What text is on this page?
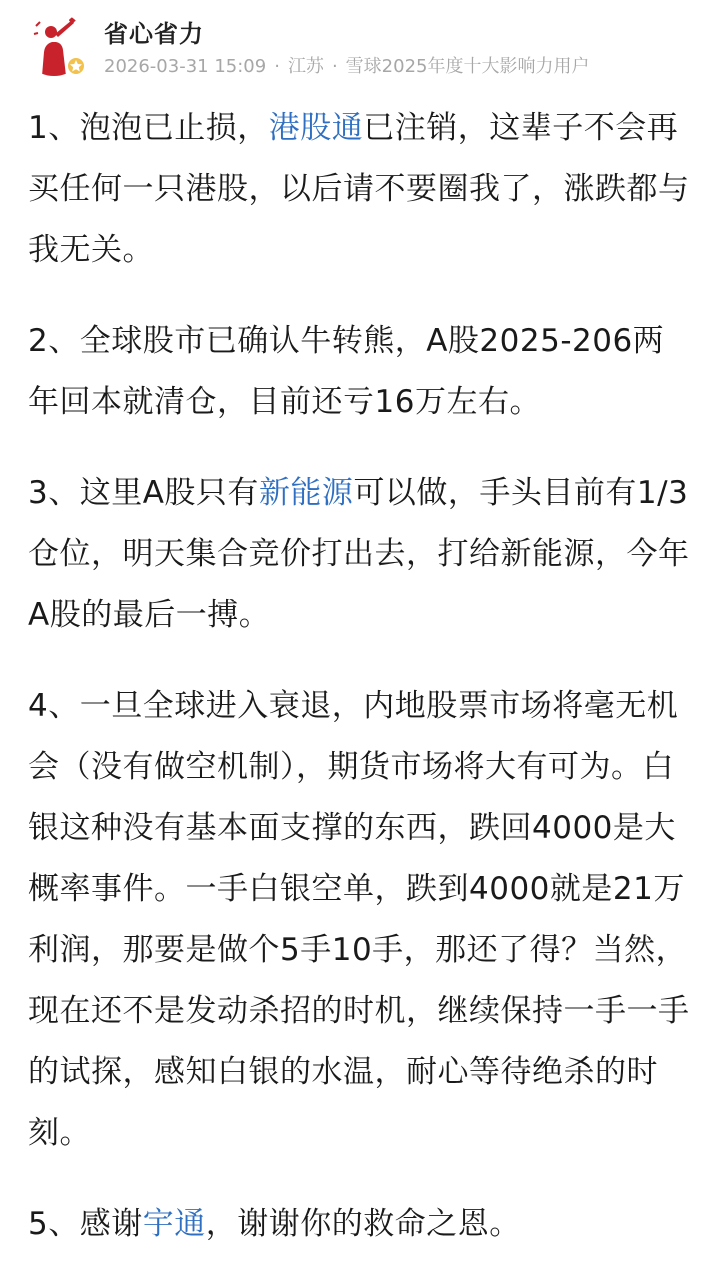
省心省力
2026-03-31 15:09 · 江苏 · 雪球2025年度十大影响力用户

1、泡泡已止损，港股通已注销，这辈子不会再买任何一只港股，以后请不要圈我了，涨跌都与我无关。

2、全球股市已确认牛转熊，A股2025-206两年回本就清仓，目前还亏16万左右。

3、这里A股只有新能源可以做，手头目前有1/3仓位，明天集合竞价打出去，打给新能源，今年A股的最后一搏。

4、一旦全球进入衰退，内地股票市场将毫无机会（没有做空机制），期货市场将大有可为。白银这种没有基本面支撑的东西，跌回4000是大概率事件。一手白银空单，跌到4000就是21万利润，那要是做个5手10手，那还了得？当然，现在还不是发动杀招的时机，继续保持一手一手的试探，感知白银的水温，耐心等待绝杀的时刻。

5、感谢宇通，谢谢你的救命之恩。
